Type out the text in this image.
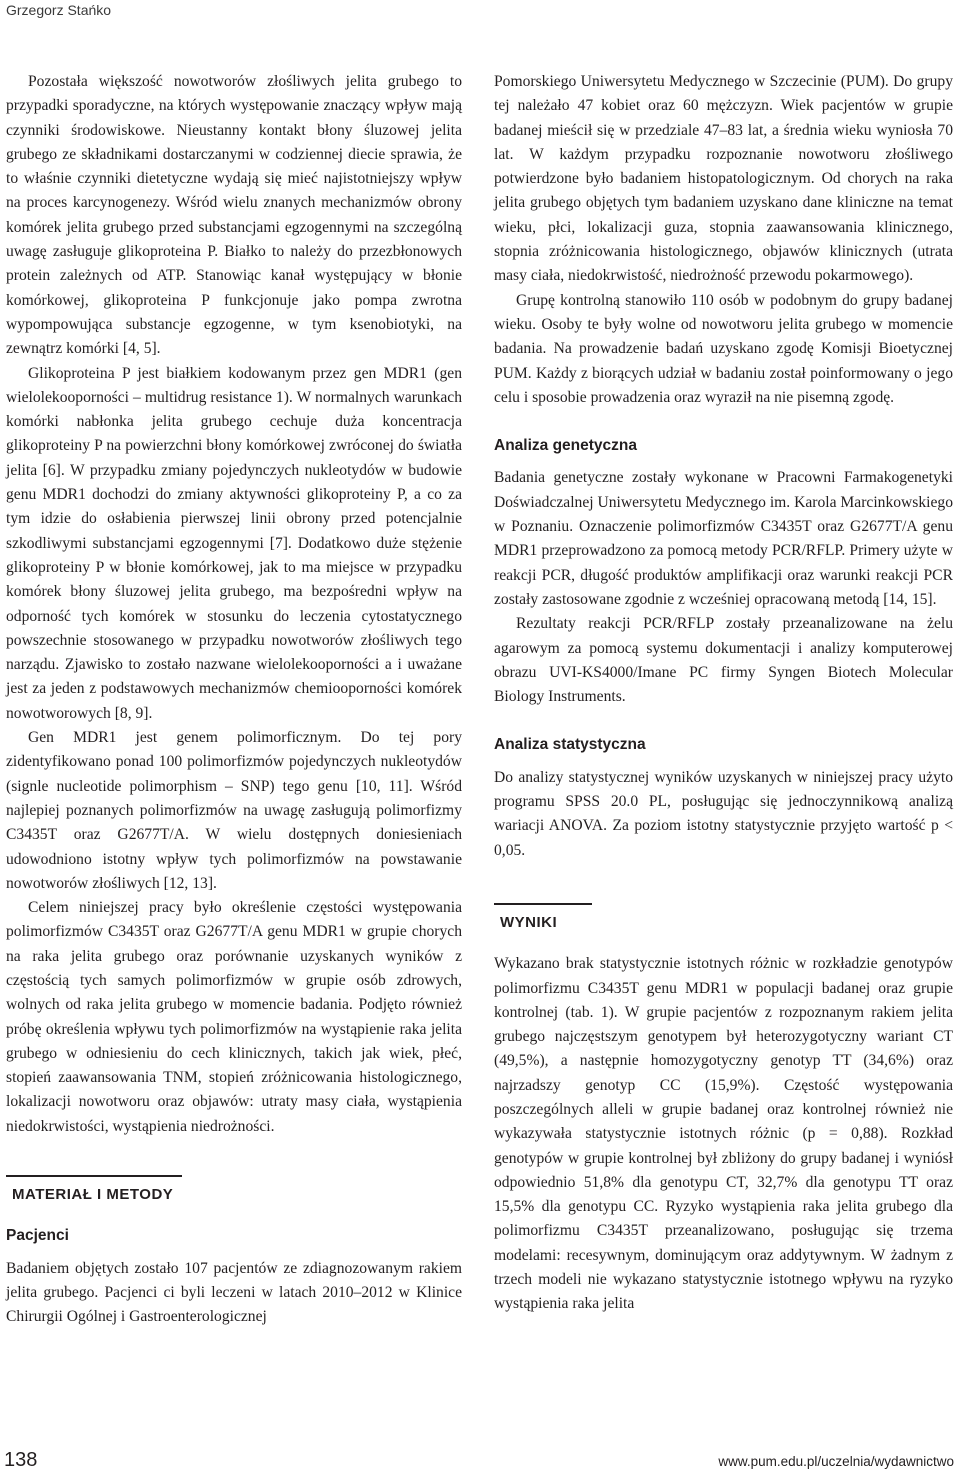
Grzegorz Stańko

Pozostała większość nowotworów złośliwych jelita grubego to przypadki sporadyczne, na których występowanie znaczący wpływ mają czynniki środowiskowe. Nieustanny kontakt błony śluzowej jelita grubego ze składnikami dostarczanymi w codziennej diecie sprawia, że to właśnie czynniki dietetyczne wydają się mieć najistotniejszy wpływ na proces karcynogenezy. Wśród wielu znanych mechanizmów obrony komórek jelita grubego przed substancjami egzogennymi na szczególną uwagę zasługuje glikoproteina P. Białko to należy do przezbłonowych protein zależnych od ATP. Stanowiąc kanał występujący w błonie komórkowej, glikoproteina P funkcjonuje jako pompa zwrotna wypompowująca substancje egzogenne, w tym ksenobiotyki, na zewnątrz komórki [4, 5].

Glikoproteina P jest białkiem kodowanym przez gen MDR1 (gen wielolekooporności – multidrug resistance 1). W normalnych warunkach komórki nabłonka jelita grubego cechuje duża koncentracja glikoproteiny P na powierzchni błony komórkowej zwróconej do światła jelita [6]. W przypadku zmiany pojedynczych nukleotydów w budowie genu MDR1 dochodzi do zmiany aktywności glikoproteiny P, a co za tym idzie do osłabienia pierwszej linii obrony przed potencjalnie szkodliwymi substancjami egzogennymi [7]. Dodatkowo duże stężenie glikoproteiny P w błonie komórkowej, jak to ma miejsce w przypadku komórek błony śluzowej jelita grubego, ma bezpośredni wpływ na odporność tych komórek w stosunku do leczenia cytostatycznego powszechnie stosowanego w przypadku nowotworów złośliwych tego narządu. Zjawisko to zostało nazwane wielolekooporności a i uważane jest za jeden z podstawowych mechanizmów chemiooporności komórek nowotworowych [8, 9].

Gen MDR1 jest genem polimorficznym. Do tej pory zidentyfikowano ponad 100 polimorfizmów pojedynczych nukleotydów (signle nucleotide polimorphism – SNP) tego genu [10, 11]. Wśród najlepiej poznanych polimorfizmów na uwagę zasługują polimorfizmy C3435T oraz G2677T/A. W wielu dostępnych doniesieniach udowodniono istotny wpływ tych polimorfizmów na powstawanie nowotworów złośliwych [12, 13].

Celem niniejszej pracy było określenie częstości występowania polimorfizmów C3435T oraz G2677T/A genu MDR1 w grupie chorych na raka jelita grubego oraz porównanie uzyskanych wyników z częstością tych samych polimorfizmów w grupie osób zdrowych, wolnych od raka jelita grubego w momencie badania. Podjęto również próbę określenia wpływu tych polimorfizmów na wystąpienie raka jelita grubego w odniesieniu do cech klinicznych, takich jak wiek, płeć, stopień zaawansowania TNM, stopień zróżnicowania histologicznego, lokalizacji nowotworu oraz objawów: utraty masy ciała, wystąpienia niedokrwistości, wystąpienia niedrożności.

MATERIAŁ I METODY
Pacjenci

Badaniem objętych zostało 107 pacjentów ze zdiagnozowanym rakiem jelita grubego. Pacjenci ci byli leczeni w latach 2010–2012 w Klinice Chirurgii Ogólnej i Gastroenterologicznej

Pomorskiego Uniwersytetu Medycznego w Szczecinie (PUM). Do grupy tej należało 47 kobiet oraz 60 mężczyzn. Wiek pacjentów w grupie badanej mieścił się w przedziale 47–83 lat, a średnia wieku wyniosła 70 lat. W każdym przypadku rozpoznanie nowotworu złośliwego potwierdzone było badaniem histopatologicznym. Od chorych na raka jelita grubego objętych tym badaniem uzyskano dane kliniczne na temat wieku, płci, lokalizacji guza, stopnia zaawansowania klinicznego, stopnia zróżnicowania histologicznego, objawów klinicznych (utrata masy ciała, niedokrwistość, niedrożność przewodu pokarmowego).

Grupę kontrolną stanowiło 110 osób w podobnym do grupy badanej wieku. Osoby te były wolne od nowotworu jelita grubego w momencie badania. Na prowadzenie badań uzyskano zgodę Komisji Bioetycznej PUM. Każdy z biorących udział w badaniu został poinformowany o jego celu i sposobie prowadzenia oraz wyraził na nie pisemną zgodę.

Analiza genetyczna

Badania genetyczne zostały wykonane w Pracowni Farmakogenetyki Doświadczalnej Uniwersytetu Medycznego im. Karola Marcinkowskiego w Poznaniu. Oznaczenie polimorfizmów C3435T oraz G2677T/A genu MDR1 przeprowadzono za pomocą metody PCR/RFLP. Primery użyte w reakcji PCR, długość produktów amplifikacji oraz warunki reakcji PCR zostały zastosowane zgodnie z wcześniej opracowaną metodą [14, 15].

Rezultaty reakcji PCR/RFLP zostały przeanalizowane na żelu agarowym za pomocą systemu dokumentacji i analizy komputerowej obrazu UVI-KS4000/Imane PC firmy Syngen Biotech Molecular Biology Instruments.

Analiza statystyczna

Do analizy statystycznej wyników uzyskanych w niniejszej pracy użyto programu SPSS 20.0 PL, posługując się jednoczynnikową analizą wariacji ANOVA. Za poziom istotny statystycznie przyjęto wartość p < 0,05.

WYNIKI

Wykazano brak statystycznie istotnych różnic w rozkładzie genotypów polimorfizmu C3435T genu MDR1 w populacji badanej oraz grupie kontrolnej (tab. 1). W grupie pacjentów z rozpoznanym rakiem jelita grubego najczęstszym genotypem był heterozygotyczny wariant CT (49,5%), a następnie homozygotyczny genotyp TT (34,6%) oraz najrzadszy genotyp CC (15,9%). Częstość występowania poszczególnych alleli w grupie badanej oraz kontrolnej również nie wykazywała statystycznie istotnych różnic (p = 0,88). Rozkład genotypów w grupie kontrolnej był zbliżony do grupy badanej i wyniósł odpowiednio 51,8% dla genotypu CT, 32,7% dla genotypu TT oraz 15,5% dla genotypu CC. Ryzyko wystąpienia raka jelita grubego dla polimorfizmu C3435T przeanalizowano, posługując się trzema modelami: recesywnym, dominującym oraz addytywnym. W żadnym z trzech modeli nie wykazano statystycznie istotnego wpływu na ryzyko wystąpienia raka jelita

138	www.pum.edu.pl/uczelnia/wydawnictwo
